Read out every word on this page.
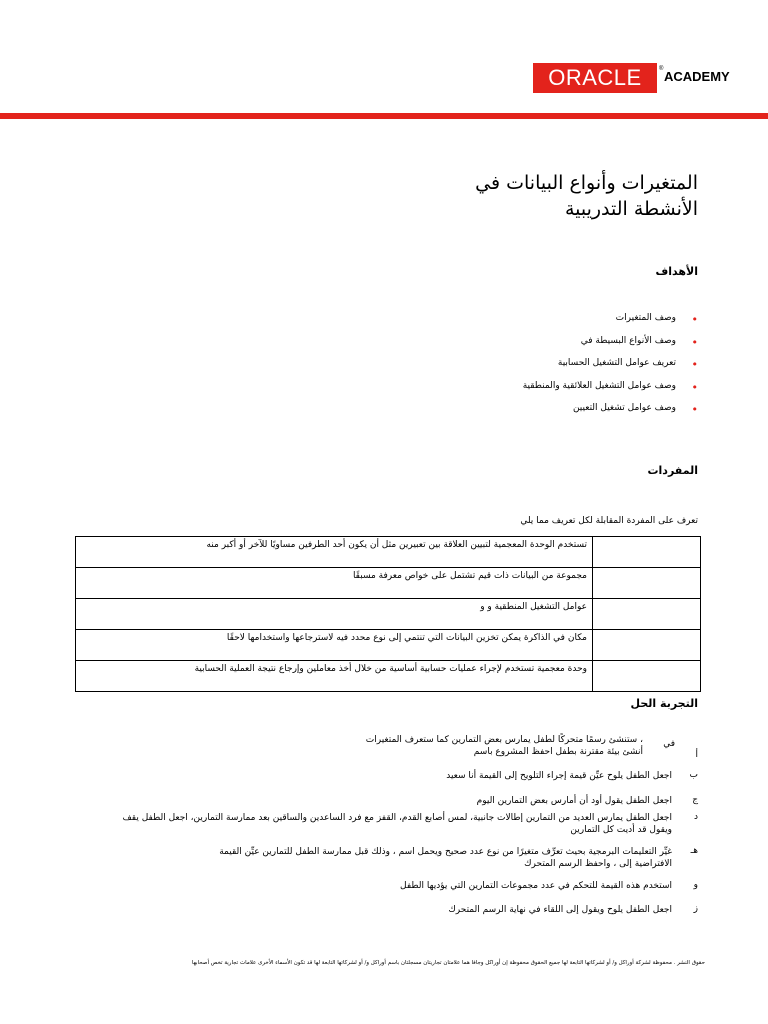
ORACLE	® ACADEMY
المتغيرات وأنواع البيانات في
الأنشطة التدريبية
الأهداف
•
وصف المتغيرات
•
وصف الأنواع البسيطة في
•
تعريف عوامل التشغيل الحسابية
•
وصف عوامل التشغيل العلائقية والمنطقية
•
وصف عوامل تشغيل التعيين
المفردات
تعرف على المفردة المقابلة لكل تعريف مما يلي
تستخدم الوحدة المعجمية لتبيين العلاقة بين تعبيرين مثل أن يكون أحد الطرفين مساويًا للآخر أو أكبر منه	
مجموعة من البيانات ذات قيم تشتمل على خواص معرفة مسبقًا	
عوامل التشغيل المنطقية و و	
مكان في الذاكرة يمكن تخزين البيانات التي تنتمي إلى نوع محدد فيه لاسترجاعها واستخدامها لاحقًا	
وحدة معجمية تستخدم لإجراء عمليات حسابية أساسية من خلال أخذ معاملين وإرجاع نتيجة العملية الحسابية	
التجربة الحل
في
أ
، ستنشئ رسمًا متحركًا لطفل يمارس بعض التمارين كما ستعرف المتغيرات
أنشئ بيئة مقترنة بطفل احفظ المشروع باسم
ب
اجعل الطفل يلوح عيِّن قيمة إجراء التلويح إلى القيمة أنا سعيد
ج
اجعل الطفل يقول أود أن أمارس بعض التمارين اليوم
د
اجعل الطفل يمارس العديد من التمارين إطالات جانبية، لمس أصابع القدم، القفز مع فرد الساعدين والساقين بعد ممارسة التمارين، اجعل الطفل يقف
ويقول قد أديت كل التمارين
هـ
غيِّر التعليمات البرمجية بحيث تعرِّف متغيرًا من نوع عدد صحيح ويحمل اسم ، وذلك قبل ممارسة الطفل للتمارين عيِّن القيمة
الافتراضية إلى ، واحفظ الرسم المتحرك
و
استخدم هذه القيمة للتحكم في عدد مجموعات التمارين التي يؤديها الطفل
ز
اجعل الطفل يلوح ويقول إلى اللقاء في نهاية الرسم المتحرك
حقوق النشر . محفوظة لشركة أوراكل و/ أو لشركاتها التابعة لها جميع الحقوق محفوظة إن أوراكل وجافا هما علامتان تجاريتان مسجلتان باسم أوراكل و/ أو لشركاتها التابعة لها قد تكون الأسماء الأخرى علامات تجارية تخص أصحابها
